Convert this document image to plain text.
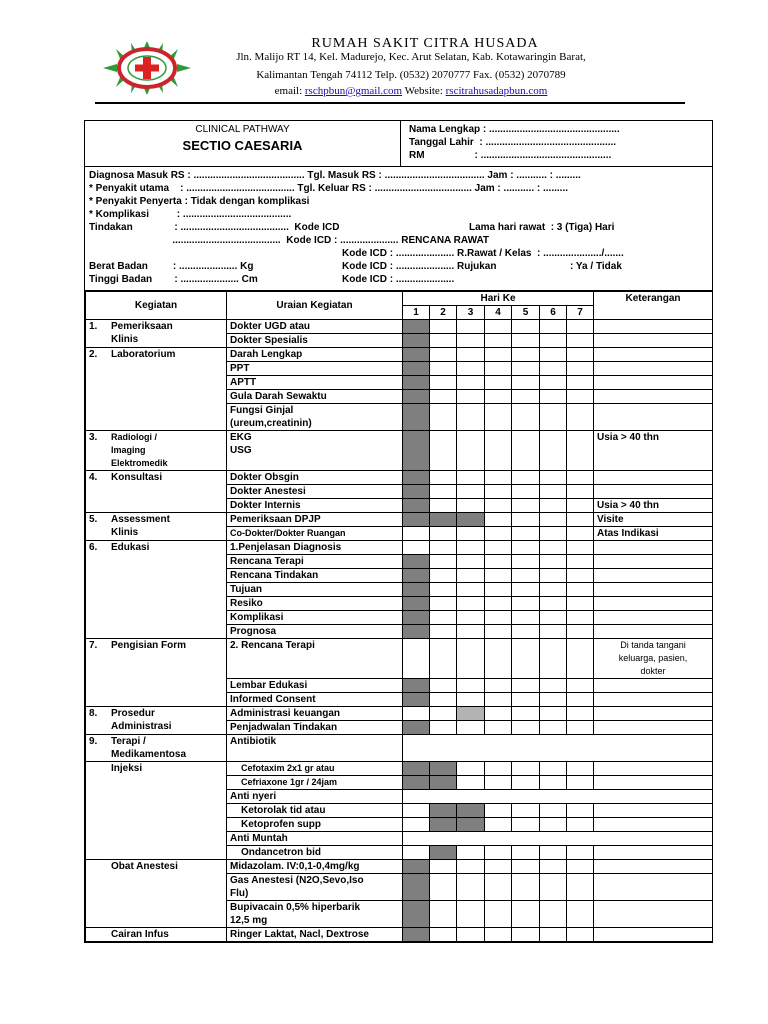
RUMAH SAKIT CITRA HUSADA
Jln. Malijo RT 14, Kel. Madurejo, Kec. Arut Selatan, Kab. Kotawaringin Barat,
Kalimantan Tengah 74112 Telp. (0532) 2070777 Fax. (0532) 2070789
email: rschpbun@gmail.com Website: rscitrahusadapbun.com
CLINICAL PATHWAY
SECTIO CAESARIA
Nama Lengkap : ...............................................
Tanggal Lahir  : ...............................................
RM                  : ...............................................
Diagnosa Masuk RS : ........................................ Tgl. Masuk RS : .................................... Jam : ........... : .........
* Penyakit utama    : ....................................... Tgl. Keluar RS : ................................... Jam : ........... : .........
* Penyakit Penyerta : Tidak dengan komplikasi
* Komplikasi          : .......................................
Tindakan               : .......................................  Kode ICD	Lama hari rawat  : 3 (Tiga) Hari
.......................................  Kode ICD : ..................... RENCANA RAWAT
Kode ICD : ..................... R.Rawat / Kelas  : ...................../.......
Berat Badan         : ..................... Kg	Kode ICD : ..................... Rujukan	: Ya / Tidak
Tinggi Badan        : ..................... Cm	Kode ICD : .....................
Kegiatan	Uraian Kegiatan	Hari Ke							Keterangan
		1	2	3	4	5	6	7	
1. Pemeriksaan
Klinis	Dokter UGD atau								
	Dokter Spesialis								
2. Laboratorium	Darah Lengkap								
	PPT								
	APTT								
	Gula Darah Sewaktu								
	Fungsi Ginjal
(ureum,creatinin)								
3. Radiologi /
Imaging
Elektromedik	EKG
USG								Usia > 40 thn
4. Konsultasi	Dokter Obsgin								
	Dokter Anestesi								
	Dokter Internis								Usia > 40 thn
5. Assessment
Klinis	Pemeriksaan DPJP								Visite
	Co-Dokter/Dokter Ruangan								Atas Indikasi
6. Edukasi	1.Penjelasan Diagnosis								
	Rencana Terapi								
	Rencana Tindakan								
	Tujuan								
	Resiko								
	Komplikasi								
	Prognosa								
7. Pengisian Form	2. Rencana Terapi								Di tanda tangani
keluarga, pasien,
dokter
	Lembar Edukasi								
	Informed Consent								
8. Prosedur
Administrasi	Administrasi keuangan								
	Penjadwalan Tindakan								
9. Terapi /
Medikamentosa	Antibiotik								
Injeksi	Cefotaxim 2x1 gr atau								
	Cefriaxone 1gr / 24jam								
	Anti nyeri								
	Ketorolak tid atau								
	Ketoprofen supp								
	Anti Muntah								
	Ondancetron bid								
Obat Anestesi	Midazolam. IV:0,1-0,4mg/kg								
	Gas Anestesi (N2O,Sevo,Iso
Flu)								
	Bupivacain 0,5% hiperbarik
12,5 mg								
Cairan Infus	Ringer Laktat, Nacl, Dextrose								
